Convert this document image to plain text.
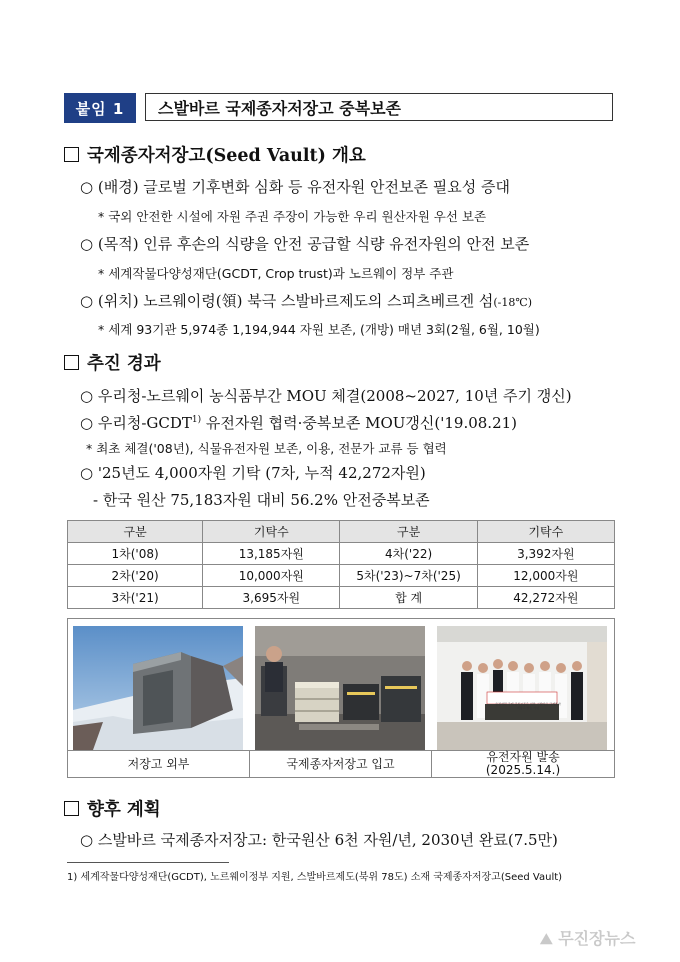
붙임 1	스발바르 국제종자저장고 중복보존
국제종자저장고(Seed Vault) 개요
○ (배경) 글로벌 기후변화 심화 등 유전자원 안전보존 필요성 증대
* 국외 안전한 시설에 자원 주권 주장이 가능한 우리 원산자원 우선 보존
○ (목적) 인류 후손의 식량을 안전 공급할 식량 유전자원의 안전 보존
* 세계작물다양성재단(GCDT, Crop trust)과 노르웨이 정부 주관
○ (위치) 노르웨이령(領) 북극 스발바르제도의 스피츠베르겐 섬(-18℃)
* 세계 93기관 5,974종 1,194,944 자원 보존, (개방) 매년 3회(2월, 6월, 10월)
추진 경과
○ 우리청-노르웨이 농식품부간 MOU 체결(2008~2027, 10년 주기 갱신)
○ 우리청-GCDT$^{1)}$ 유전자원 협력·중복보존 MOU갱신('19.08.21)
* 최초 체결('08년), 식물유전자원 보존, 이용, 전문가 교류 등 협력
○ '25년도 4,000자원 기탁 (7차, 누적 42,272자원)
- 한국 원산 75,183자원 대비 56.2% 안전중복보존
구분	기탁수	구분	기탁수
1차('08)	13,185자원	4차('22)	3,392자원
2차('20)	10,000자원	5차('23)~7차('25)	12,000자원
3차('21)	3,695자원	합 계	42,272자원
저장고 외부	국제종자저장고 입고	유전자원 발송
(2025.5.14.)
유전자원 국제 중복보존을 위한 스발바르 국제종자저장고 발송 기념
향후 계획
○ 스발바르 국제종자저장고: 한국원산 6천 자원/년, 2030년 완료(7.5만)
1) 세계작물다양성재단(GCDT), 노르웨이정부 지원, 스발바르제도(북위 78도) 소재 국제종자저장고(Seed Vault)
⛰ 무진장뉴스
